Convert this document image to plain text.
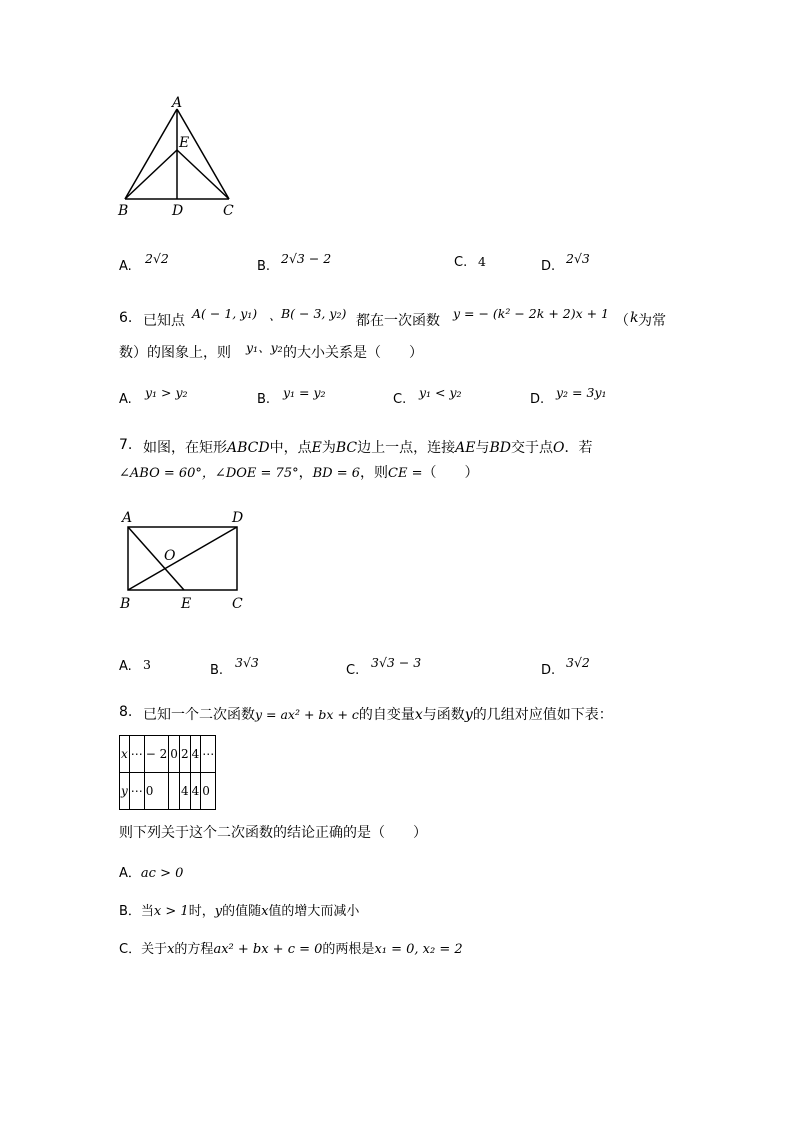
A
E
B	D	C
A.
2√2
B.
2√3 − 2	C. 4	D.
2√3
6. 已知点 A( − 1, y₁) 、 B( − 3, y₂) 都在一次函数 y = − (k² − 2k + 2)x + 1 （ k 为常
数）的图象上，则 y₁、y₂ 的大小关系是（　　）
A. y₁ > y₂	B. y₁ = y₂	C. y₁ < y₂	D. y₂ = 3y₁
7. 如图，在矩形ABCD中，点E为BC边上一点，连接AE与BD交于点O．若
∠ABO = 60°，∠DOE = 75°，BD = 6，则CE =（　　）
A	D
O
B	E	C
A. 3	B.
3√3
C.
3√3 − 3
D.
3√2
8. 已知一个二次函数y = ax² + bx + c的自变量x与函数y的几组对应值如下表：
x	⋯	− 2	0	2	4	⋯
y	⋯	0		4	4	0
则下列关于这个二次函数的结论正确的是（　　）
A．ac > 0
B．当x > 1时，y的值随x值的增大而减小
C．关于x的方程ax² + bx + c = 0的两根是x₁ = 0, x₂ = 2
